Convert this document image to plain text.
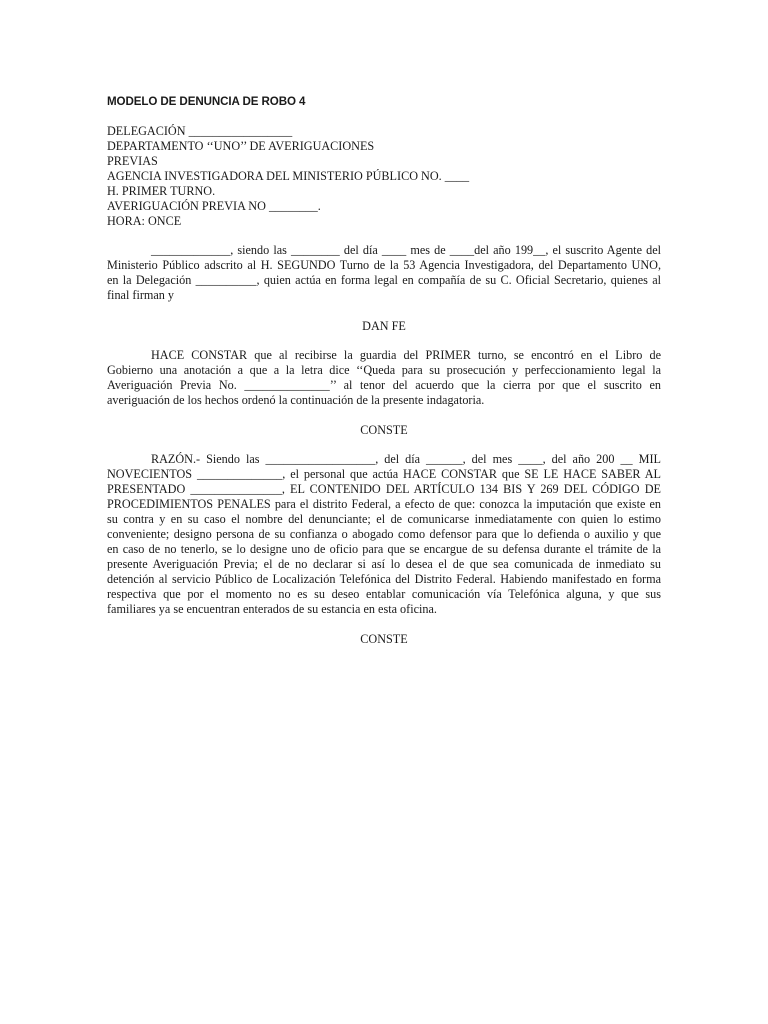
MODELO DE DENUNCIA DE ROBO 4
DELEGACIÓN _________________
DEPARTAMENTO ‘‘UNO’’ DE AVERIGUACIONES
PREVIAS
AGENCIA INVESTIGADORA DEL MINISTERIO PÚBLICO NO. ____
H. PRIMER TURNO.
AVERIGUACIÓN PREVIA NO ________.
HORA: ONCE
_____________, siendo las ________ del día ____ mes de ____del año 199__, el suscrito Agente del
Ministerio Público adscrito al H. SEGUNDO Turno de la 53 Agencia Investigadora, del Departamento UNO,
en la Delegación __________, quien actúa en forma legal en compañía de su C. Oficial Secretario, quienes al
final firman y
DAN FE
HACE CONSTAR que al recibirse la guardia del PRIMER turno, se encontró en el Libro de
Gobierno una anotación a que a la letra dice ‘‘Queda para su prosecución y perfeccionamiento legal la
Averiguación Previa No. ______________’’ al tenor del acuerdo que la cierra por que el suscrito en
averiguación de los hechos ordenó la continuación de la presente indagatoria.
CONSTE
RAZÓN.- Siendo las __________________, del día ______, del mes ____, del año 200 __ MIL
NOVECIENTOS ______________, el personal que actúa HACE CONSTAR que SE LE HACE SABER AL
PRESENTADO _______________, EL CONTENIDO DEL ARTÍCULO 134 BIS Y 269 DEL CÓDIGO DE
PROCEDIMIENTOS PENALES para el distrito Federal, a efecto de que: conozca la imputación que existe en
su contra y en su caso el nombre del denunciante; el de comunicarse inmediatamente con quien lo estimo
conveniente; designo persona de su confianza o abogado como defensor para que lo defienda o auxilio y que
en caso de no tenerlo, se lo designe uno de oficio para que se encargue de su defensa durante el trámite de la
presente Averiguación Previa; el de no declarar si así lo desea el de que sea comunicada de inmediato su
detención al servicio Público de Localización Telefónica del Distrito Federal. Habiendo manifestado en forma
respectiva que por el momento no es su deseo entablar comunicación vía Telefónica alguna, y que sus
familiares ya se encuentran enterados de su estancia en esta oficina.
CONSTE
